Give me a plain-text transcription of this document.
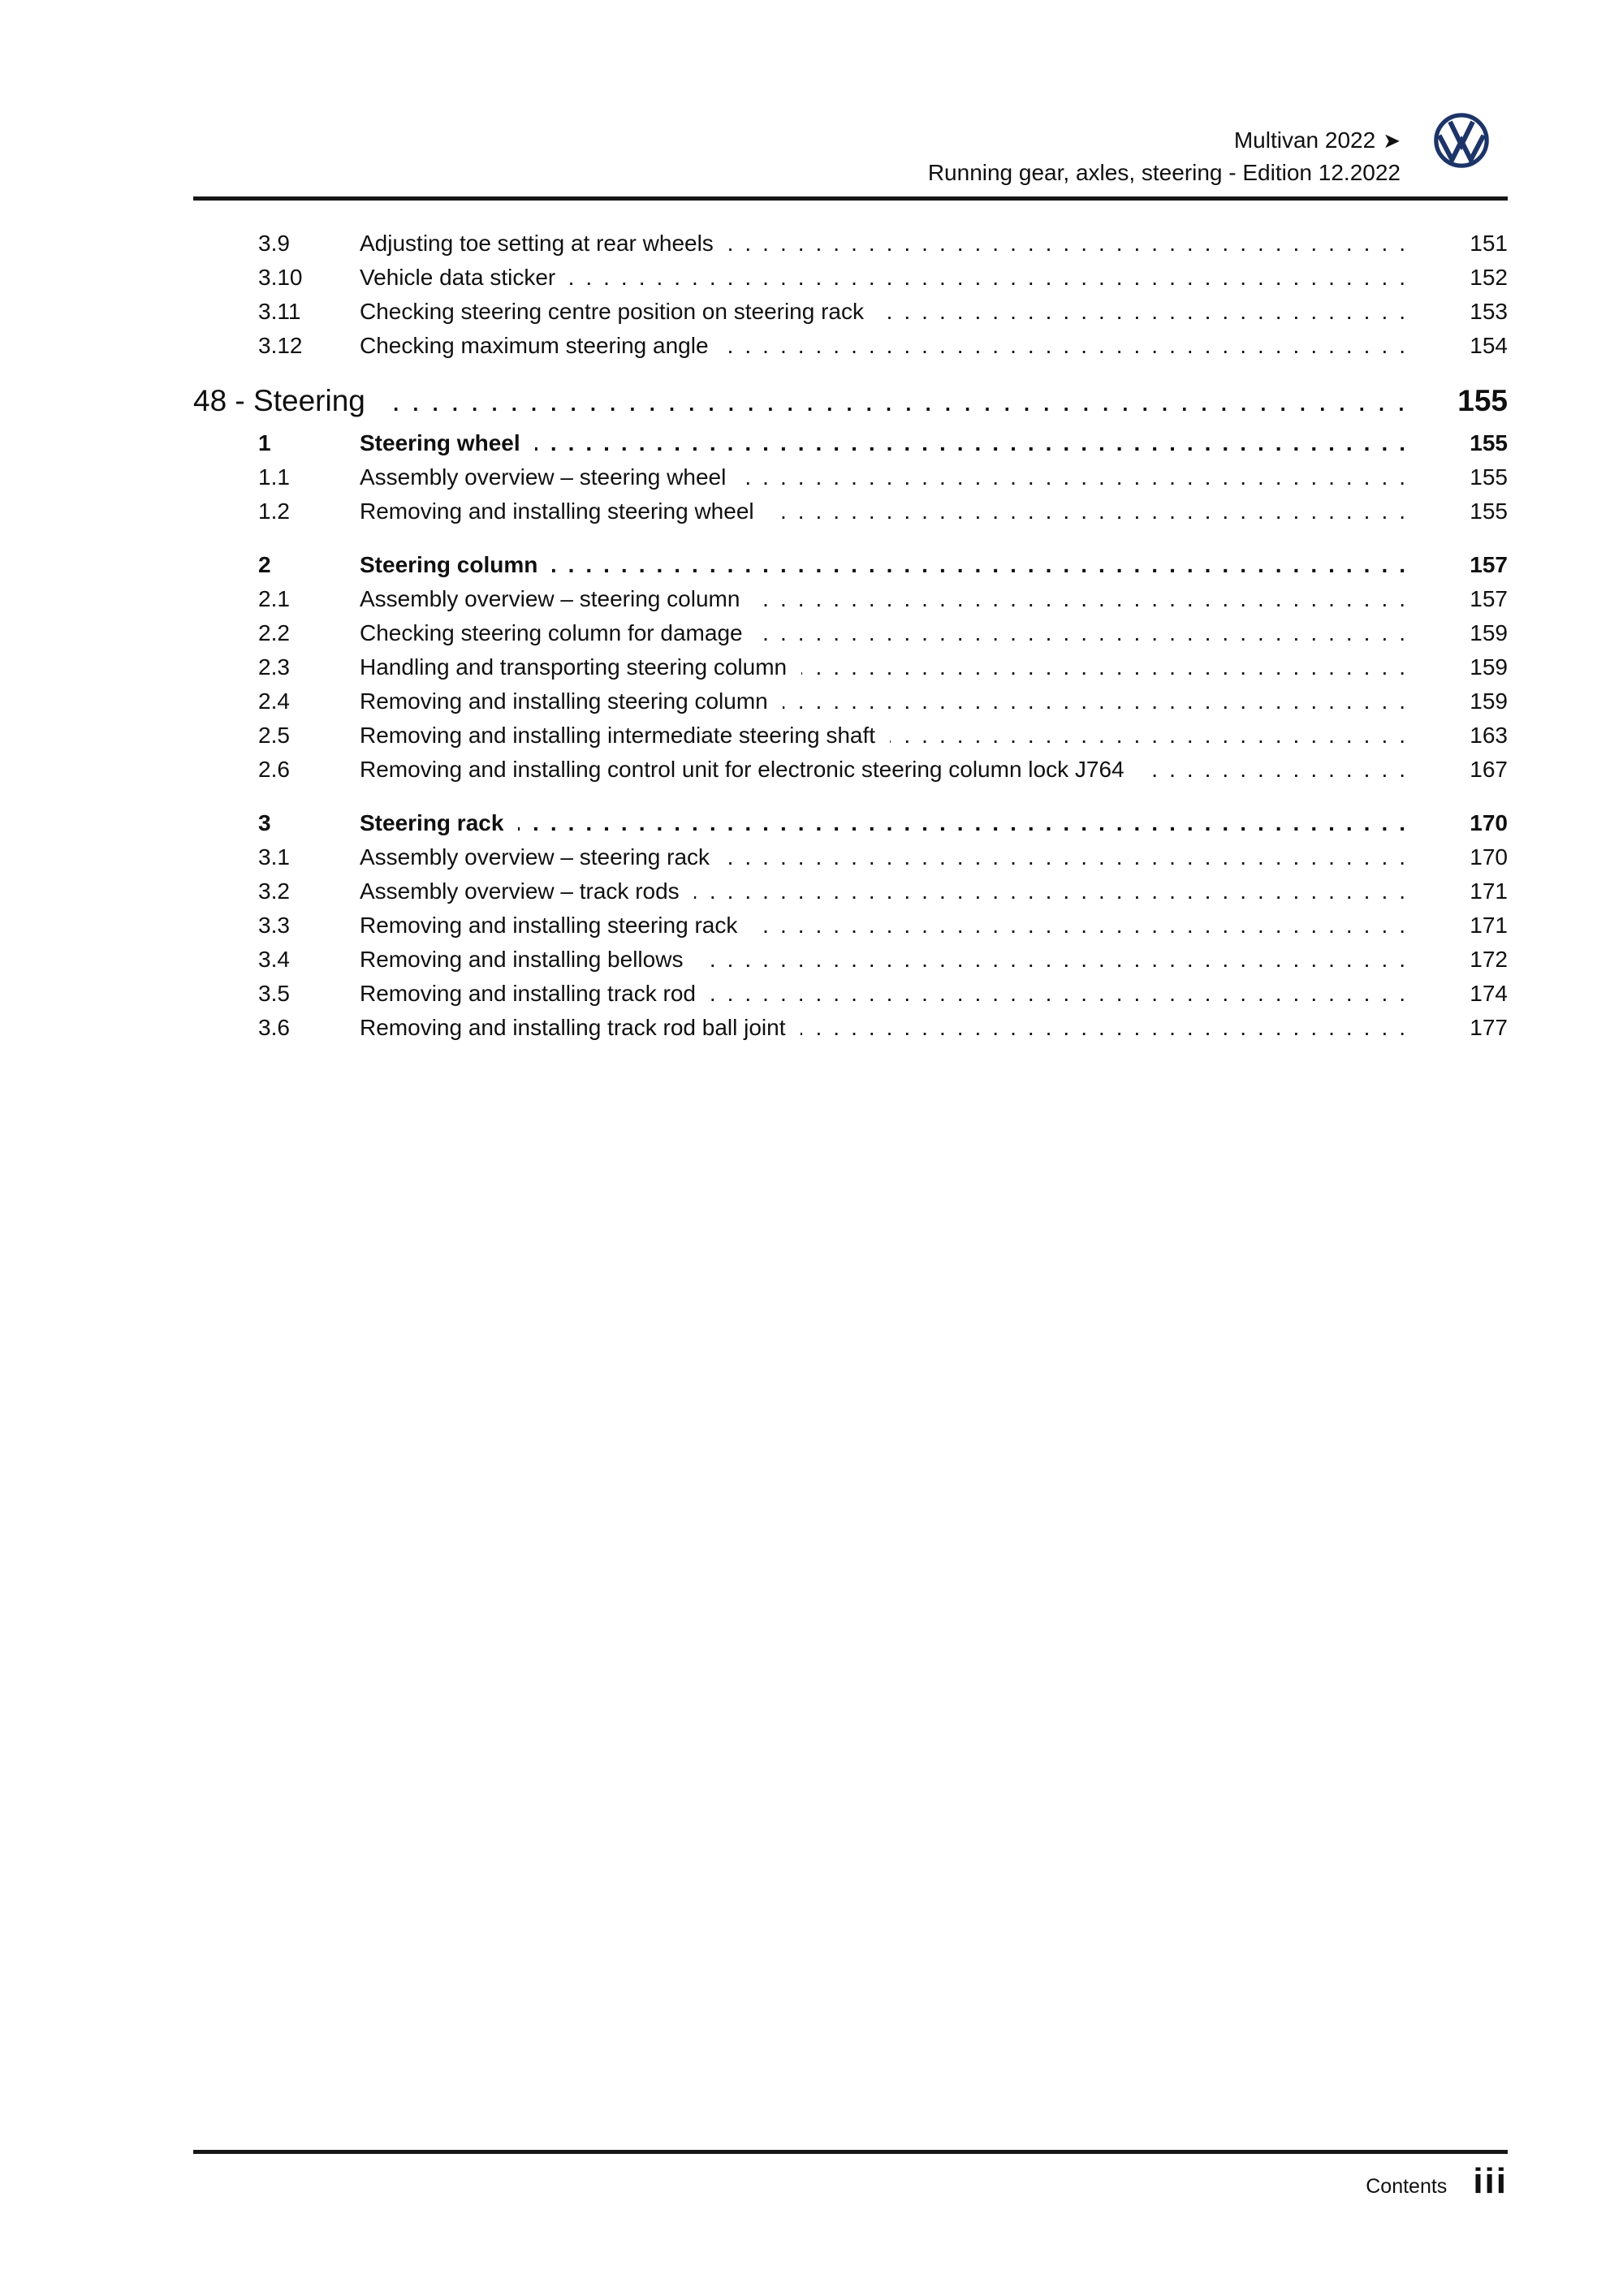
Multivan 2022 ➤
Running gear, axles, steering - Edition 12.2022
3.9	Adjusting toe setting at rear wheels .....	151
3.10	Vehicle data sticker .....	152
3.11	Checking steering centre position on steering rack .....	153
3.12	Checking maximum steering angle .....	154
48 - Steering .....	155
1	Steering wheel .....	155
1.1	Assembly overview – steering wheel .....	155
1.2	Removing and installing steering wheel .....	155
2	Steering column .....	157
2.1	Assembly overview – steering column .....	157
2.2	Checking steering column for damage .....	159
2.3	Handling and transporting steering column .....	159
2.4	Removing and installing steering column .....	159
2.5	Removing and installing intermediate steering shaft .....	163
2.6	Removing and installing control unit for electronic steering column lock J764 .....	167
3	Steering rack .....	170
3.1	Assembly overview – steering rack .....	170
3.2	Assembly overview – track rods .....	171
3.3	Removing and installing steering rack .....	171
3.4	Removing and installing bellows .....	172
3.5	Removing and installing track rod .....	174
3.6	Removing and installing track rod ball joint .....	177
Contents iii
